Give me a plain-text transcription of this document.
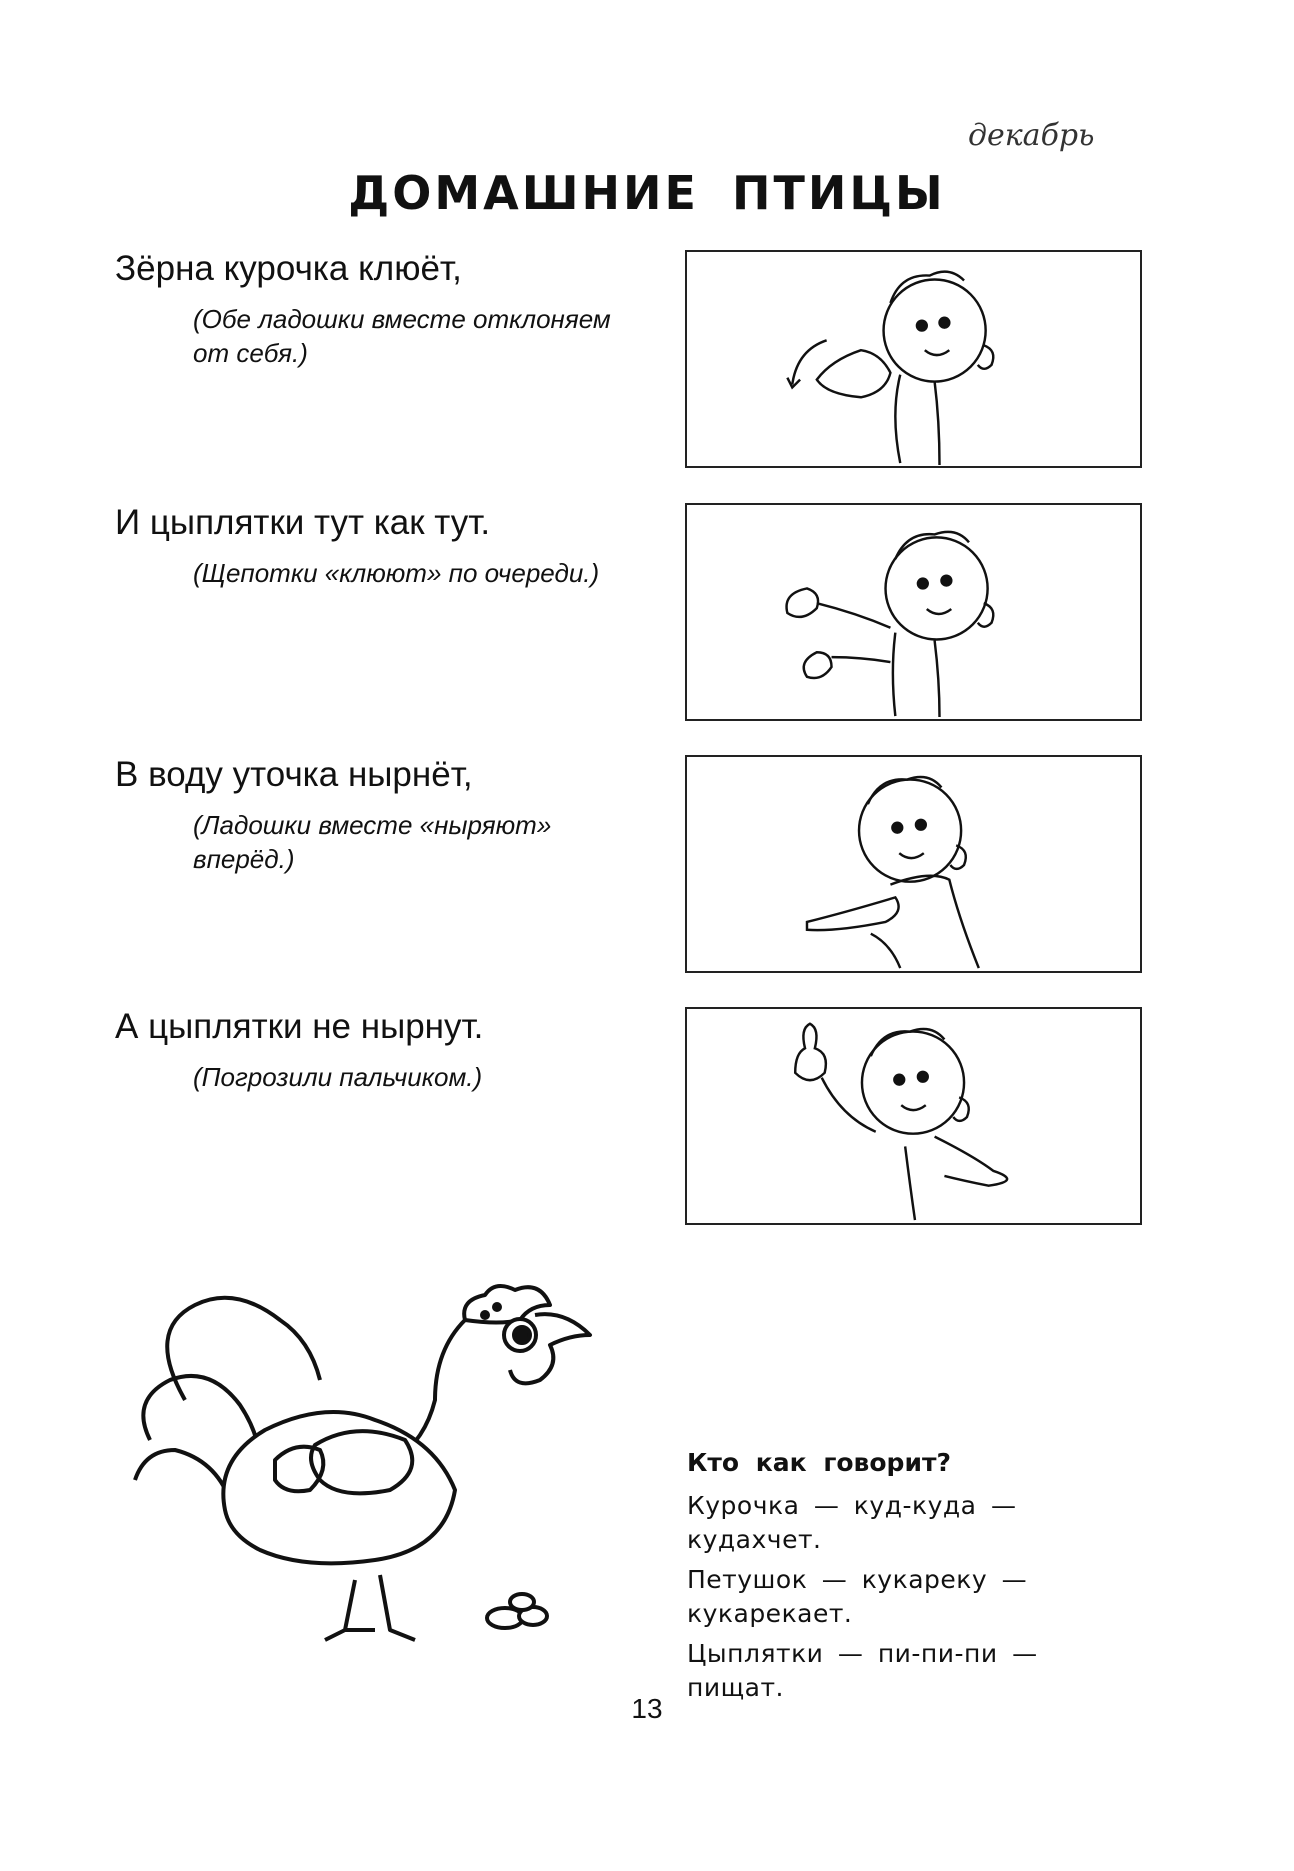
декабрь
ДОМАШНИЕ ПТИЦЫ
Зёрна курочка клюёт,
(Обе ладошки вместе отклоняем от себя.)
И цыплятки тут как тут.
(Щепотки «клюют» по очереди.)
В воду уточка нырнёт,
(Ладошки вместе «ныряют» вперёд.)
А цыплятки не нырнут.
(Погрозили пальчиком.)
Кто как говорит?
Курочка — куд-куда — кудахчет.
Петушок — кукареку — кукарекает.
Цыплятки — пи-пи-пи — пищат.
13
